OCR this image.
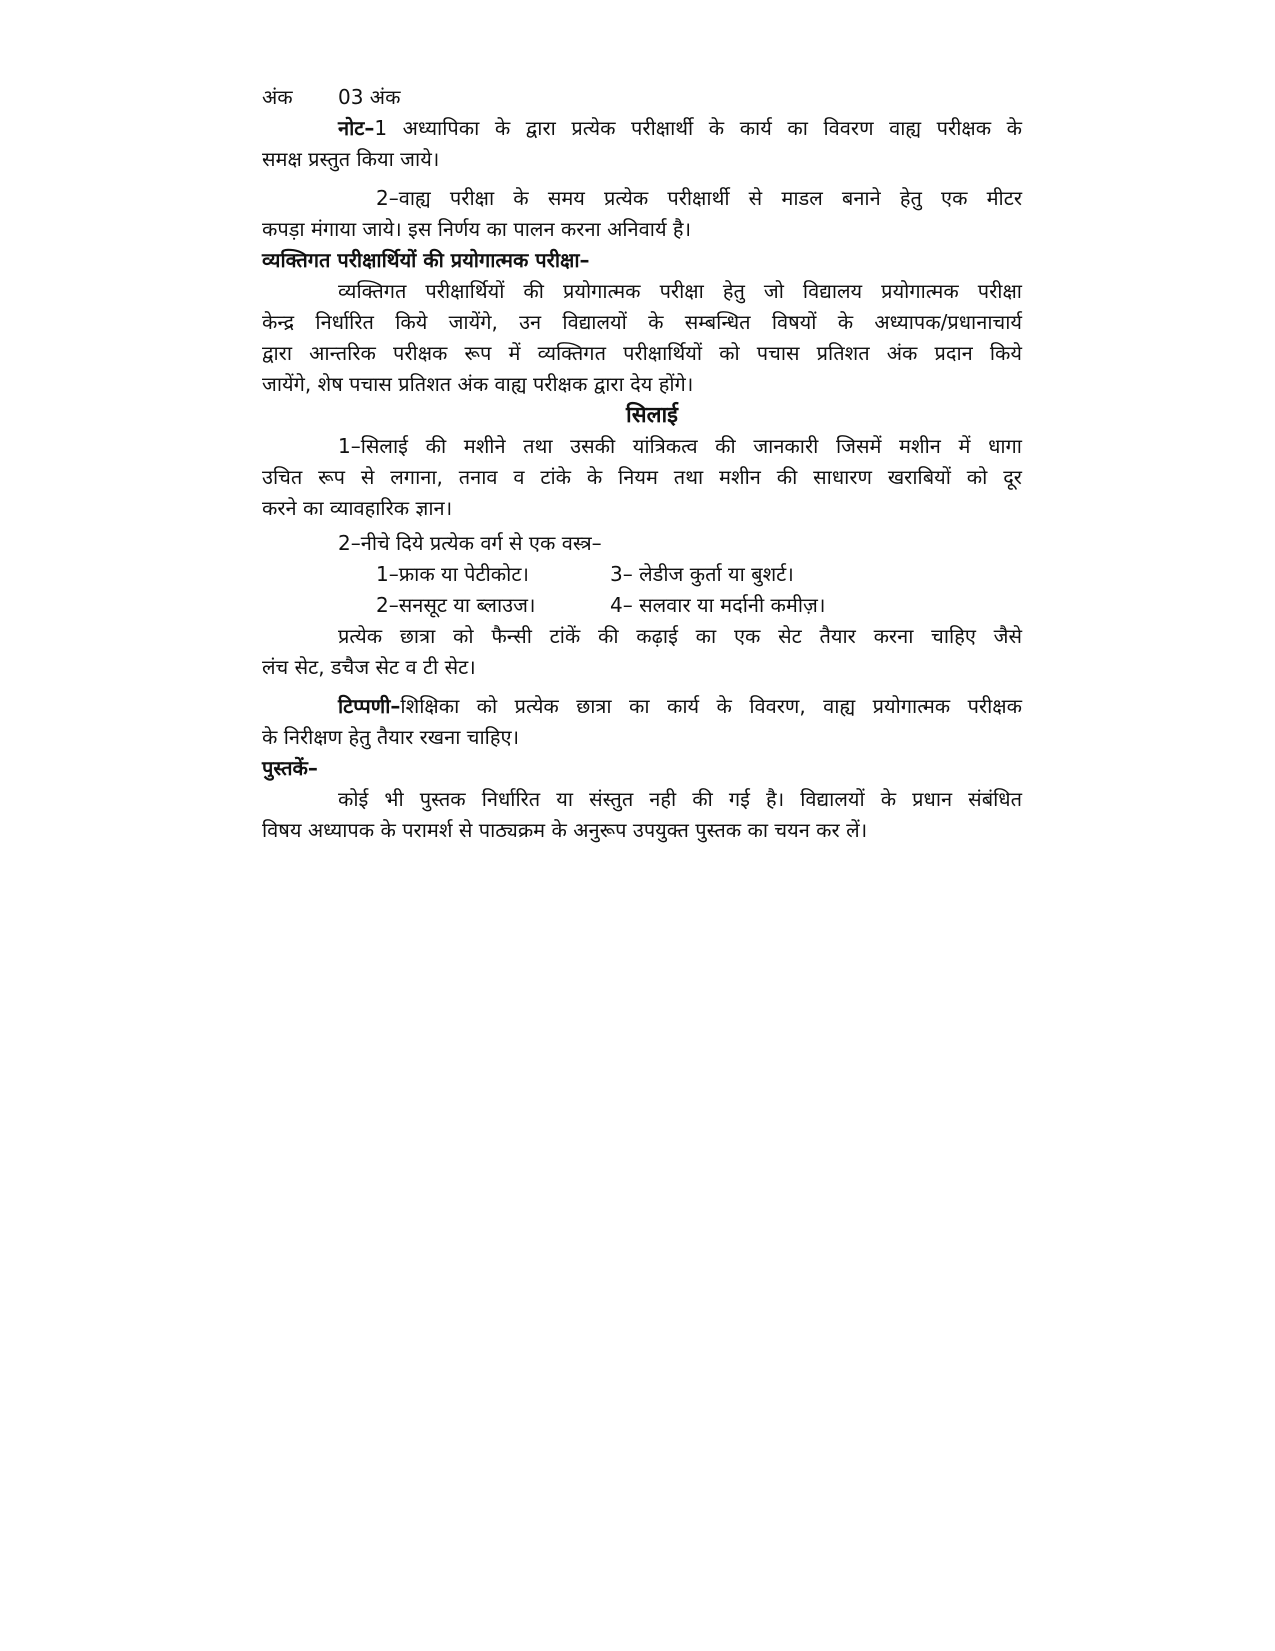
अंक 03 अंक
नोट–1 अध्यापिका के द्वारा प्रत्येक परीक्षार्थी के कार्य का विवरण वाह्य परीक्षक के
समक्ष प्रस्तुत किया जाये।
2–वाह्य परीक्षा के समय प्रत्येक परीक्षार्थी से माडल बनाने हेतु एक मीटर
कपड़ा मंगाया जाये। इस निर्णय का पालन करना अनिवार्य है।
व्यक्तिगत परीक्षार्थियों की प्रयोगात्मक परीक्षा–
व्यक्तिगत परीक्षार्थियों की प्रयोगात्मक परीक्षा हेतु जो विद्यालय प्रयोगात्मक परीक्षा
केन्द्र निर्धारित किये जायेंगे, उन विद्यालयों के सम्बन्धित विषयों के अध्यापक/प्रधानाचार्य
द्वारा आन्तरिक परीक्षक रूप में व्यक्तिगत परीक्षार्थियों को पचास प्रतिशत अंक प्रदान किये
जायेंगे, शेष पचास प्रतिशत अंक वाह्य परीक्षक द्वारा देय होंगे।
सिलाई
1–सिलाई की मशीने तथा उसकी यांत्रिकत्व की जानकारी जिसमें मशीन में धागा
उचित रूप से लगाना, तनाव व टांके के नियम तथा मशीन की साधारण खराबियों को दूर
करने का व्यावहारिक ज्ञान।
2–नीचे दिये प्रत्येक वर्ग से एक वस्त्र–
1–फ्राक या पेटीकोट।	3– लेडीज कुर्ता या बुशर्ट।
2–सनसूट या ब्लाउज।	4– सलवार या मर्दानी कमीज़।
प्रत्येक छात्रा को फैन्सी टांकें की कढ़ाई का एक सेट तैयार करना चाहिए जैसे
लंच सेट, डचैज सेट व टी सेट।
टिप्पणी–शिक्षिका को प्रत्येक छात्रा का कार्य के विवरण, वाह्य प्रयोगात्मक परीक्षक
के निरीक्षण हेतु तैयार रखना चाहिए।
पुस्तकें–
कोई भी पुस्तक निर्धारित या संस्तुत नही की गई है। विद्यालयों के प्रधान संबंधित
विषय अध्यापक के परामर्श से पाठ्यक्रम के अनुरूप उपयुक्त पुस्तक का चयन कर लें।
